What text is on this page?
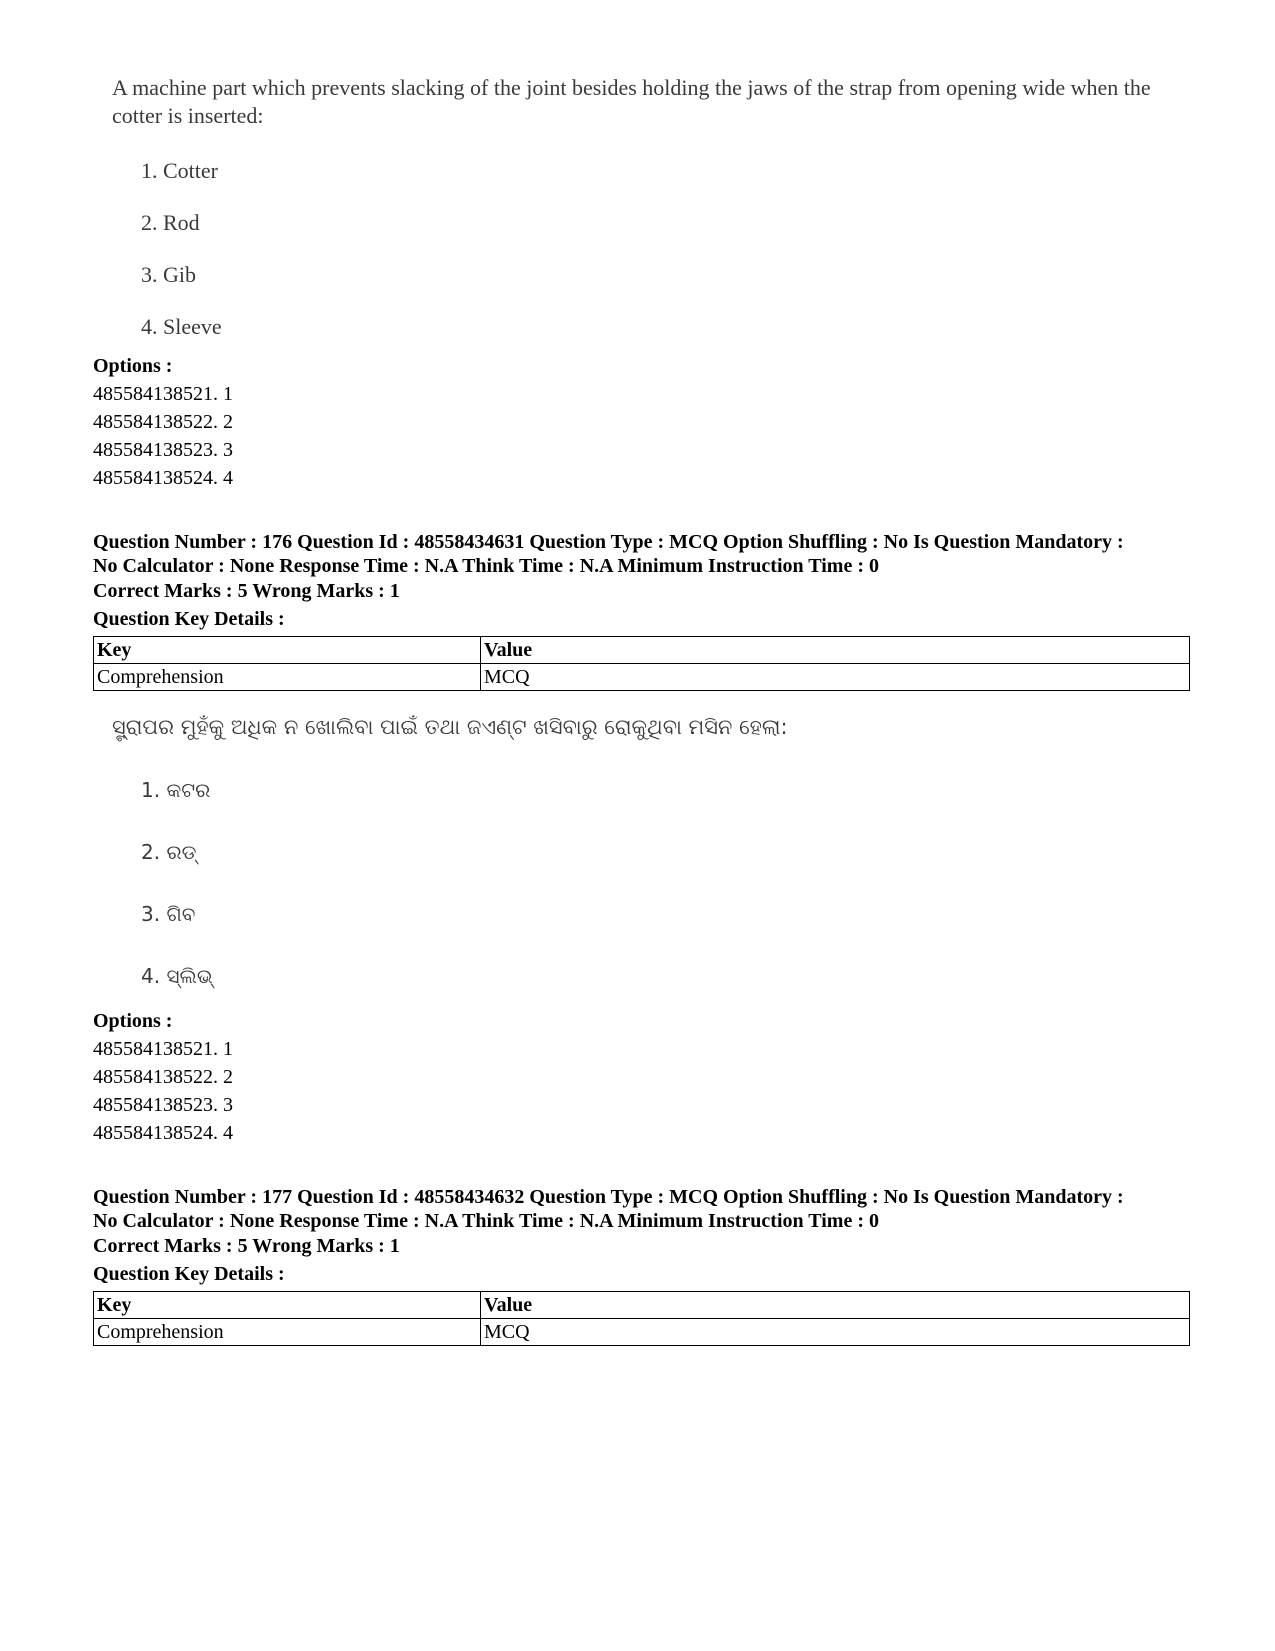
A machine part which prevents slacking of the joint besides holding the jaws of the strap from opening wide when the cotter is inserted:
1. Cotter
2. Rod
3. Gib
4. Sleeve
Options :
485584138521. 1
485584138522. 2
485584138523. 3
485584138524. 4
Question Number : 176 Question Id : 48558434631 Question Type : MCQ Option Shuffling : No Is Question Mandatory :
No Calculator : None Response Time : N.A Think Time : N.A Minimum Instruction Time : 0
Correct Marks : 5 Wrong Marks : 1
Question Key Details :
Key	Value
Comprehension	MCQ
ସ୍ଟ୍ରାପର ମୁହଁକୁ ଅଧିକ ନ ଖୋଲିବା ପାଇଁ ତଥା ଜଏଣ୍ଟ ଖସିବାରୁ ରୋକୁଥିବା ମସିନ ହେଲା:
1. କଟର
2. ରଡ୍
3. ଗିବ
4. ସ୍ଲିଭ୍
Options :
485584138521. 1
485584138522. 2
485584138523. 3
485584138524. 4
Question Number : 177 Question Id : 48558434632 Question Type : MCQ Option Shuffling : No Is Question Mandatory :
No Calculator : None Response Time : N.A Think Time : N.A Minimum Instruction Time : 0
Correct Marks : 5 Wrong Marks : 1
Question Key Details :
Key	Value
Comprehension	MCQ
